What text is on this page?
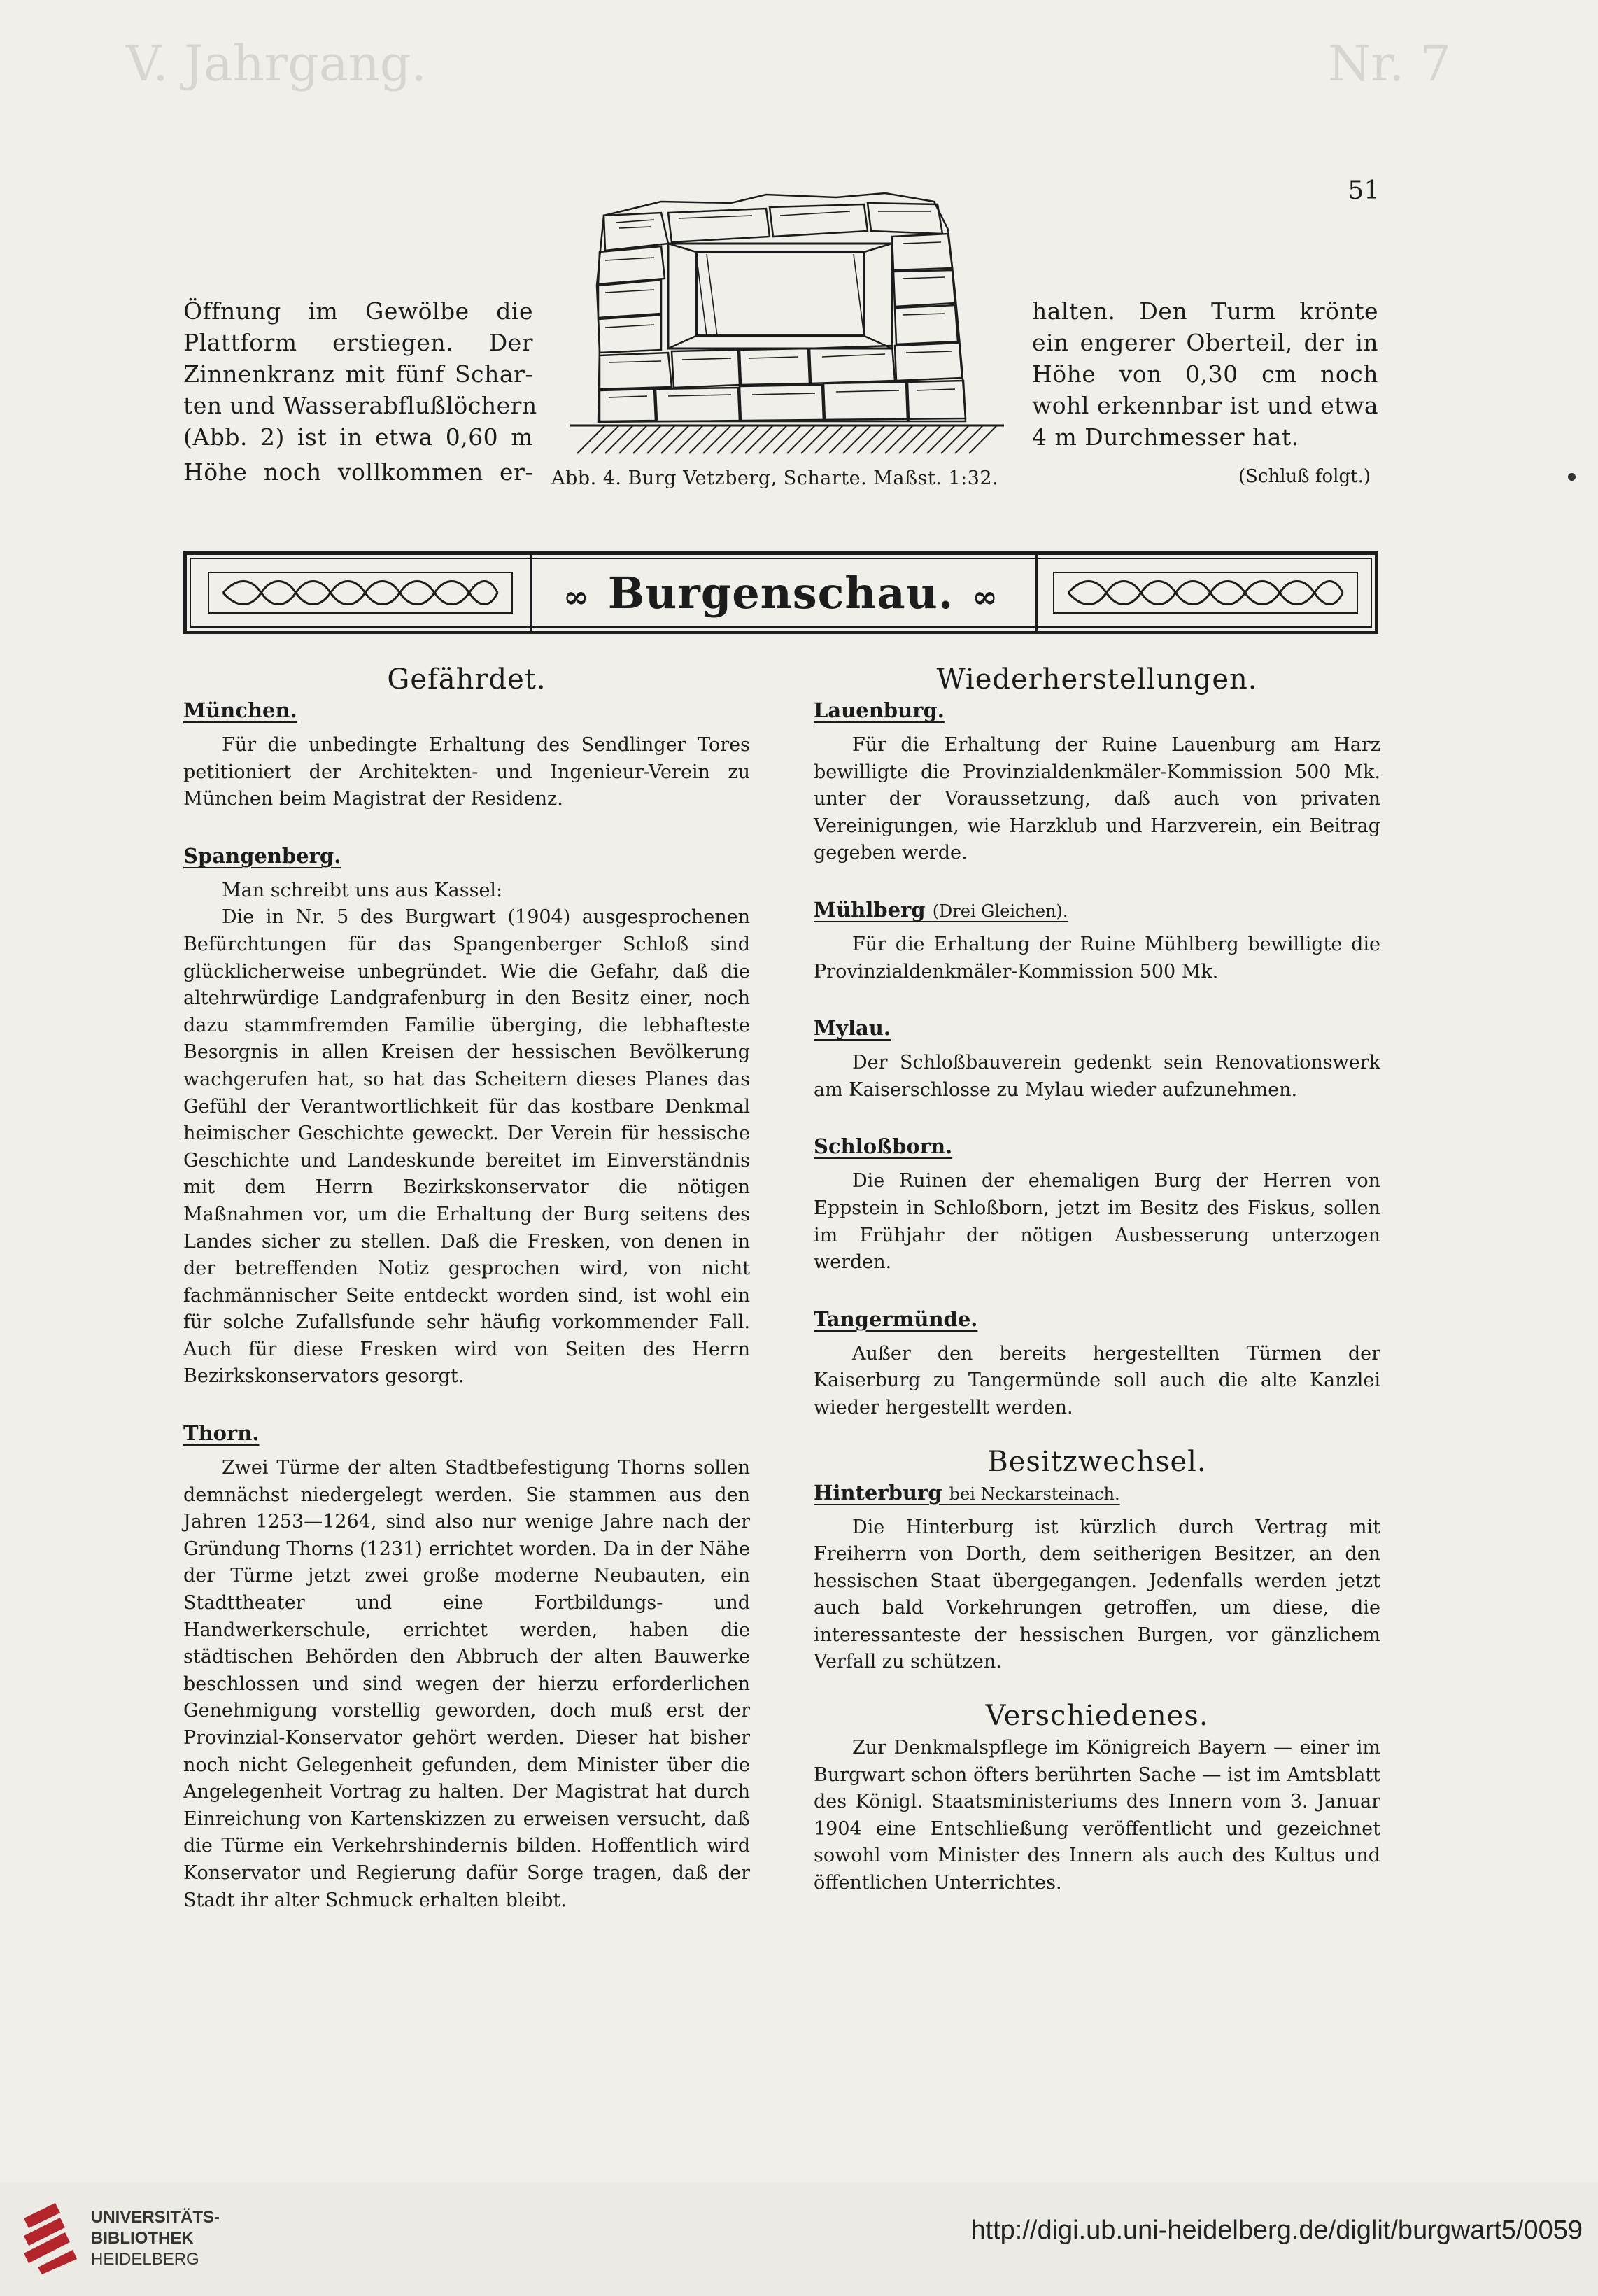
V. Jahrgang.	Nr. 7
51
Öffnung im Gewölbe die
Plattform erstiegen. Der
Zinnenkranz mit fünf Schar-
ten und Wasserabflußlöchern
(Abb. 2) ist in etwa 0,60 m
Höhe noch vollkommen er-
halten. Den Turm krönte
ein engerer Oberteil, der in
Höhe von 0,30 cm noch
wohl erkennbar ist und etwa
4 m Durchmesser hat.
Abb. 4. Burg Vetzberg, Scharte. Maßst. 1:32.	(Schluß folgt.)
∞ Burgenschau. ∞
Gefährdet.
München.

Für die unbedingte Erhaltung des Sendlinger Tores petitioniert der Architekten- und Ingenieur-Verein zu München beim Magistrat der Residenz.

Spangenberg.

Man schreibt uns aus Kassel:

Die in Nr. 5 des Burgwart (1904) ausgesprochenen Befürchtungen für das Spangenberger Schloß sind glücklicherweise unbegründet. Wie die Gefahr, daß die altehrwürdige Landgrafenburg in den Besitz einer, noch dazu stammfremden Familie überging, die lebhafteste Besorgnis in allen Kreisen der hessischen Bevölkerung wachgerufen hat, so hat das Scheitern dieses Planes das Gefühl der Verantwortlichkeit für das kostbare Denkmal heimischer Geschichte geweckt. Der Verein für hessische Geschichte und Landeskunde bereitet im Einverständnis mit dem Herrn Bezirkskonservator die nötigen Maßnahmen vor, um die Erhaltung der Burg seitens des Landes sicher zu stellen. Daß die Fresken, von denen in der betreffenden Notiz gesprochen wird, von nicht fachmännischer Seite entdeckt worden sind, ist wohl ein für solche Zufallsfunde sehr häufig vorkommender Fall. Auch für diese Fresken wird von Seiten des Herrn Bezirkskonservators gesorgt.

Thorn.

Zwei Türme der alten Stadtbefestigung Thorns sollen demnächst niedergelegt werden. Sie stammen aus den Jahren 1253—1264, sind also nur wenige Jahre nach der Gründung Thorns (1231) errichtet worden. Da in der Nähe der Türme jetzt zwei große moderne Neubauten, ein Stadttheater und eine Fortbildungs- und Handwerkerschule, errichtet werden, haben die städtischen Behörden den Abbruch der alten Bauwerke beschlossen und sind wegen der hierzu erforderlichen Genehmigung vorstellig geworden, doch muß erst der Provinzial-Konservator gehört werden. Dieser hat bisher noch nicht Gelegenheit gefunden, dem Minister über die Angelegenheit Vortrag zu halten. Der Magistrat hat durch Einreichung von Kartenskizzen zu erweisen versucht, daß die Türme ein Verkehrshindernis bilden. Hoffentlich wird Konservator und Regierung dafür Sorge tragen, daß der Stadt ihr alter Schmuck erhalten bleibt.

Wiederherstellungen.
Lauenburg.

Für die Erhaltung der Ruine Lauenburg am Harz bewilligte die Provinzialdenkmäler-Kommission 500 Mk. unter der Voraussetzung, daß auch von privaten Vereinigungen, wie Harzklub und Harzverein, ein Beitrag gegeben werde.

Mühlberg (Drei Gleichen).

Für die Erhaltung der Ruine Mühlberg bewilligte die Provinzialdenkmäler-Kommission 500 Mk.

Mylau.

Der Schloßbauverein gedenkt sein Renovationswerk am Kaiserschlosse zu Mylau wieder aufzunehmen.

Schloßborn.

Die Ruinen der ehemaligen Burg der Herren von Eppstein in Schloßborn, jetzt im Besitz des Fiskus, sollen im Frühjahr der nötigen Ausbesserung unterzogen werden.

Tangermünde.

Außer den bereits hergestellten Türmen der Kaiserburg zu Tangermünde soll auch die alte Kanzlei wieder hergestellt werden.

Besitzwechsel.
Hinterburg bei Neckarsteinach.

Die Hinterburg ist kürzlich durch Vertrag mit Freiherrn von Dorth, dem seitherigen Besitzer, an den hessischen Staat übergegangen. Jedenfalls werden jetzt auch bald Vorkehrungen getroffen, um diese, die interessanteste der hessischen Burgen, vor gänzlichem Verfall zu schützen.

Verschiedenes.

Zur Denkmalspflege im Königreich Bayern — einer im Burgwart schon öfters berührten Sache — ist im Amtsblatt des Königl. Staatsministeriums des Innern vom 3. Januar 1904 eine Entschließung veröffentlicht und gezeichnet sowohl vom Minister des Innern als auch des Kultus und öffentlichen Unterrichtes.

UNIVERSITÄTS-
BIBLIOTHEK
HEIDELBERG
http://digi.ub.uni-heidelberg.de/diglit/burgwart5/0059
